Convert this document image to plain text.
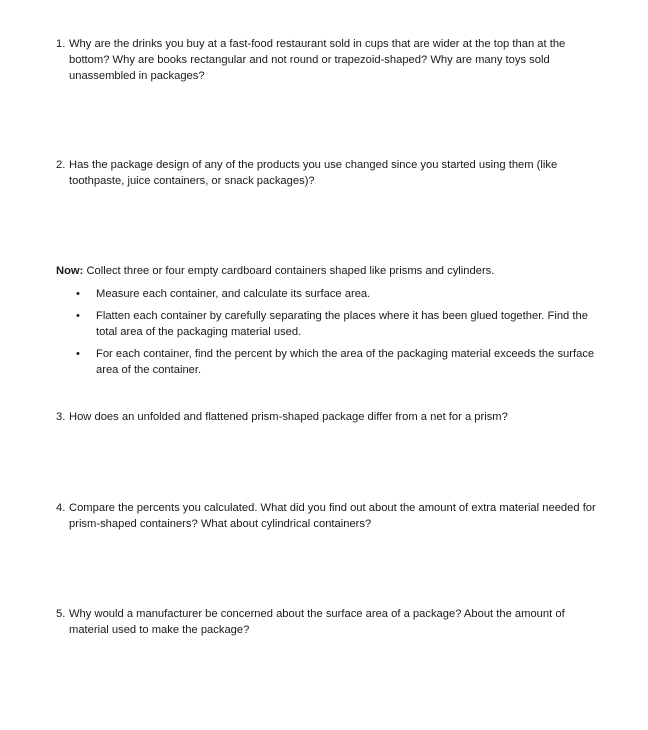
1. Why are the drinks you buy at a fast-food restaurant sold in cups that are wider at the top than at the bottom? Why are books rectangular and not round or trapezoid-shaped? Why are many toys sold unassembled in packages?
2. Has the package design of any of the products you use changed since you started using them (like toothpaste, juice containers, or snack packages)?
Now: Collect three or four empty cardboard containers shaped like prisms and cylinders.
• Measure each container, and calculate its surface area.
• Flatten each container by carefully separating the places where it has been glued together. Find the total area of the packaging material used.
• For each container, find the percent by which the area of the packaging material exceeds the surface area of the container.
3. How does an unfolded and flattened prism-shaped package differ from a net for a prism?
4. Compare the percents you calculated. What did you find out about the amount of extra material needed for prism-shaped containers? What about cylindrical containers?
5. Why would a manufacturer be concerned about the surface area of a package? About the amount of material used to make the package?
